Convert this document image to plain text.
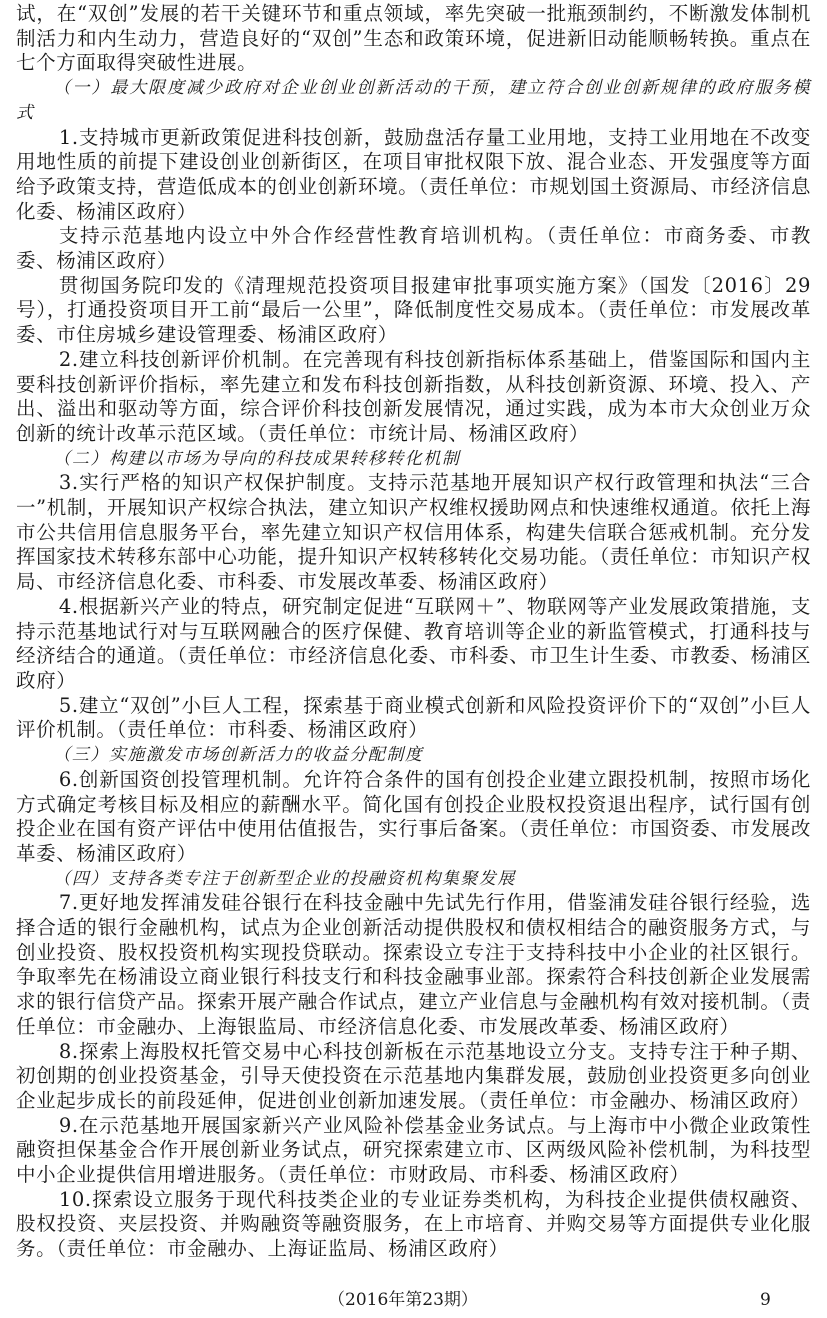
试，在“双创”发展的若干关键环节和重点领域，率先突破一批瓶颈制约，不断激发体制机制活力和内生动力，营造良好的“双创”生态和政策环境，促进新旧动能顺畅转换。重点在七个方面取得突破性进展。

（一）最大限度减少政府对企业创业创新活动的干预，建立符合创业创新规律的政府服务模式

1.支持城市更新政策促进科技创新，鼓励盘活存量工业用地，支持工业用地在不改变用地性质的前提下建设创业创新街区，在项目审批权限下放、混合业态、开发强度等方面给予政策支持，营造低成本的创业创新环境。（责任单位：市规划国土资源局、市经济信息化委、杨浦区政府）

支持示范基地内设立中外合作经营性教育培训机构。（责任单位：市商务委、市教委、杨浦区政府）

贯彻国务院印发的《清理规范投资项目报建审批事项实施方案》（国发〔2016〕29号），打通投资项目开工前“最后一公里”，降低制度性交易成本。（责任单位：市发展改革委、市住房城乡建设管理委、杨浦区政府）

2.建立科技创新评价机制。在完善现有科技创新指标体系基础上，借鉴国际和国内主要科技创新评价指标，率先建立和发布科技创新指数，从科技创新资源、环境、投入、产出、溢出和驱动等方面，综合评价科技创新发展情况，通过实践，成为本市大众创业万众创新的统计改革示范区域。（责任单位：市统计局、杨浦区政府）

（二）构建以市场为导向的科技成果转移转化机制

3.实行严格的知识产权保护制度。支持示范基地开展知识产权行政管理和执法“三合一”机制，开展知识产权综合执法，建立知识产权维权援助网点和快速维权通道。依托上海市公共信用信息服务平台，率先建立知识产权信用体系，构建失信联合惩戒机制。充分发挥国家技术转移东部中心功能，提升知识产权转移转化交易功能。（责任单位：市知识产权局、市经济信息化委、市科委、市发展改革委、杨浦区政府）

4.根据新兴产业的特点，研究制定促进“互联网＋”、物联网等产业发展政策措施，支持示范基地试行对与互联网融合的医疗保健、教育培训等企业的新监管模式，打通科技与经济结合的通道。（责任单位：市经济信息化委、市科委、市卫生计生委、市教委、杨浦区政府）

5.建立“双创”小巨人工程，探索基于商业模式创新和风险投资评价下的“双创”小巨人评价机制。（责任单位：市科委、杨浦区政府）

（三）实施激发市场创新活力的收益分配制度

6.创新国资创投管理机制。允许符合条件的国有创投企业建立跟投机制，按照市场化方式确定考核目标及相应的薪酬水平。简化国有创投企业股权投资退出程序，试行国有创投企业在国有资产评估中使用估值报告，实行事后备案。（责任单位：市国资委、市发展改革委、杨浦区政府）

（四）支持各类专注于创新型企业的投融资机构集聚发展

7.更好地发挥浦发硅谷银行在科技金融中先试先行作用，借鉴浦发硅谷银行经验，选择合适的银行金融机构，试点为企业创新活动提供股权和债权相结合的融资服务方式，与创业投资、股权投资机构实现投贷联动。探索设立专注于支持科技中小企业的社区银行。争取率先在杨浦设立商业银行科技支行和科技金融事业部。探索符合科技创新企业发展需求的银行信贷产品。探索开展产融合作试点，建立产业信息与金融机构有效对接机制。（责任单位：市金融办、上海银监局、市经济信息化委、市发展改革委、杨浦区政府）

8.探索上海股权托管交易中心科技创新板在示范基地设立分支。支持专注于种子期、初创期的创业投资基金，引导天使投资在示范基地内集群发展，鼓励创业投资更多向创业企业起步成长的前段延伸，促进创业创新加速发展。（责任单位：市金融办、杨浦区政府）

9.在示范基地开展国家新兴产业风险补偿基金业务试点。与上海市中小微企业政策性融资担保基金合作开展创新业务试点，研究探索建立市、区两级风险补偿机制，为科技型中小企业提供信用增进服务。（责任单位：市财政局、市科委、杨浦区政府）

10.探索设立服务于现代科技类企业的专业证券类机构，为科技企业提供债权融资、股权投资、夹层投资、并购融资等融资服务，在上市培育、并购交易等方面提供专业化服务。（责任单位：市金融办、上海证监局、杨浦区政府）

（2016年第23期）	9
